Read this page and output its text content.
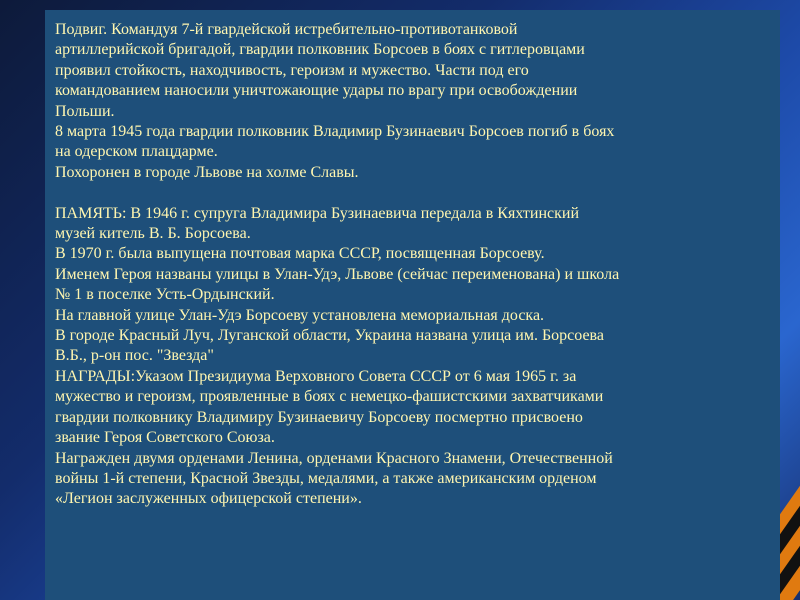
Подвиг. Командуя 7-й гвардейской истребительно-противотанковой
артиллерийской бригадой, гвардии полковник Борсоев в боях с гитлеровцами
проявил стойкость, находчивость, героизм и мужество. Части под его
командованием наносили уничтожающие удары по врагу при освобождении
Польши.
8 марта 1945 года гвардии полковник Владимир Бузинаевич Борсоев погиб в боях
на одерском плацдарме.
Похоронен в городе Львове на холме Славы.
ПАМЯТЬ: В 1946 г. супруга Владимира Бузинаевича передала в Кяхтинский
музей китель В. Б. Борсоева.
В 1970 г. была выпущена почтовая марка СССР, посвященная Борсоеву.
Именем Героя названы улицы в Улан-Удэ, Львове (сейчас переименована) и школа
№ 1 в поселке Усть-Ордынский.
На главной улице Улан-Удэ Борсоеву установлена мемориальная доска.
В городе Красный Луч, Луганской области, Украина названа улица им. Борсоева
В.Б., р-он пос. "Звезда"
НАГРАДЫ:Указом Президиума Верховного Совета СССР от 6 мая 1965 г. за
мужество и героизм, проявленные в боях с немецко-фашистскими захватчиками
гвардии полковнику Владимиру Бузинаевичу Борсоеву посмертно присвоено
звание Героя Советского Союза.
Награжден двумя орденами Ленина, орденами Красного Знамени, Отечественной
войны 1-й степени, Красной Звезды, медалями, а также американским орденом
«Легион заслуженных офицерской степени».
